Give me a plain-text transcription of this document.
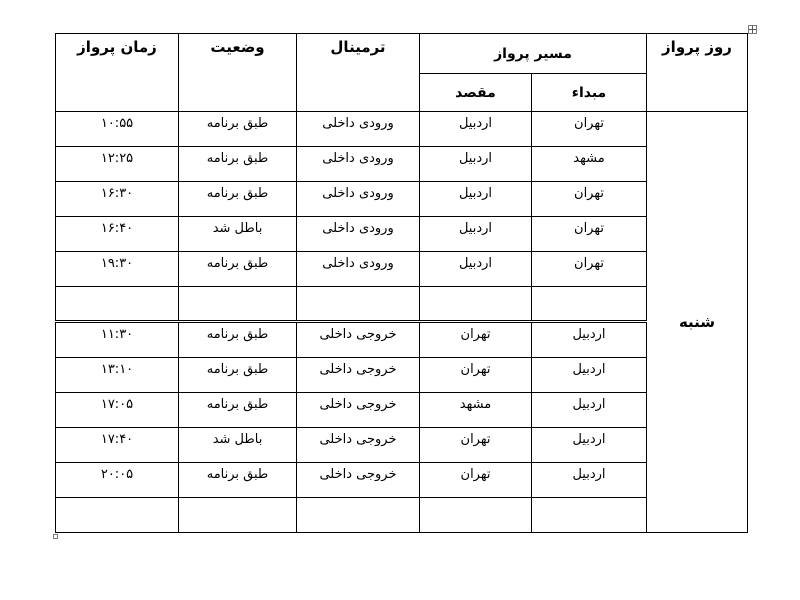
روز پرواز	مسیر پرواز		ترمینال	وضعیت	زمان پرواز
	مبداء	مقصد			
شنبه	تهران	اردبیل	ورودی داخلی	طبق برنامه	۱۰:۵۵
	مشهد	اردبیل	ورودی داخلی	طبق برنامه	۱۲:۲۵
	تهران	اردبیل	ورودی داخلی	طبق برنامه	۱۶:۳۰
	تهران	اردبیل	ورودی داخلی	باطل شد	۱۶:۴۰
	تهران	اردبیل	ورودی داخلی	طبق برنامه	۱۹:۳۰

	اردبیل	تهران	خروجی داخلی	طبق برنامه	۱۱:۳۰
	اردبیل	تهران	خروجی داخلی	طبق برنامه	۱۳:۱۰
	اردبیل	مشهد	خروجی داخلی	طبق برنامه	۱۷:۰۵
	اردبیل	تهران	خروجی داخلی	باطل شد	۱۷:۴۰
	اردبیل	تهران	خروجی داخلی	طبق برنامه	۲۰:۰۵
